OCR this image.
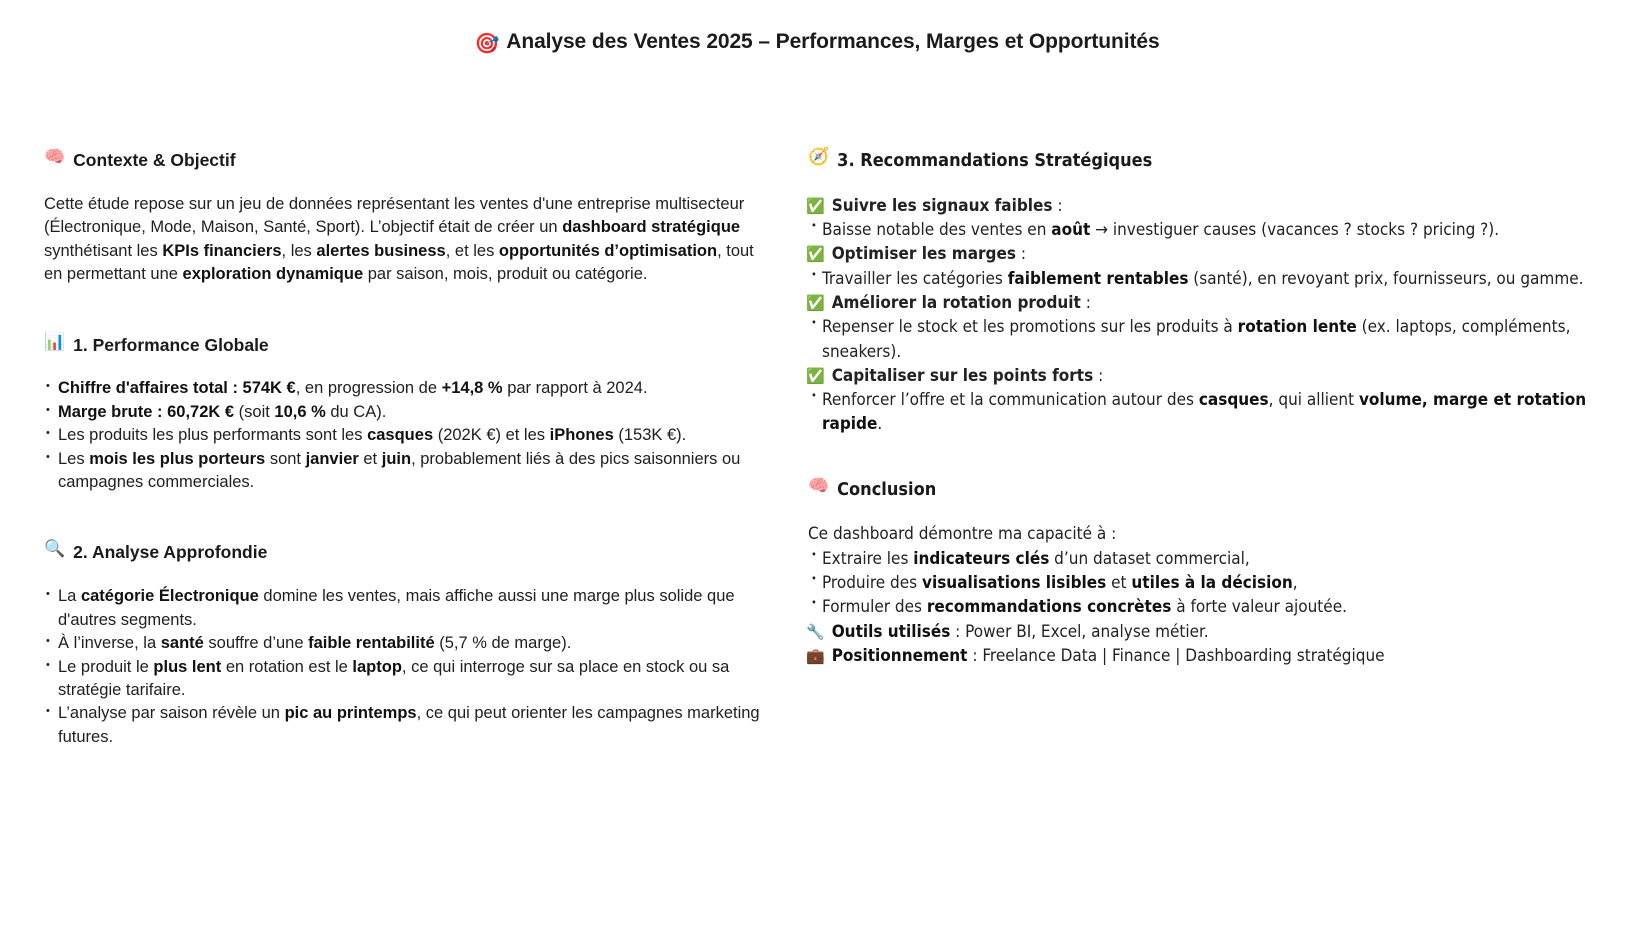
🎯 Analyse des Ventes 2025 – Performances, Marges et Opportunités
🧠 Contexte & Objectif
Cette étude repose sur un jeu de données représentant les ventes d'une entreprise multisecteur (Électronique, Mode, Maison, Santé, Sport). L’objectif était de créer un dashboard stratégique synthétisant les KPIs financiers, les alertes business, et les opportunités d’optimisation, tout en permettant une exploration dynamique par saison, mois, produit ou catégorie.
📊 1. Performance Globale
• Chiffre d'affaires total : 574K €, en progression de +14,8 % par rapport à 2024.
• Marge brute : 60,72K € (soit 10,6 % du CA).
• Les produits les plus performants sont les casques (202K €) et les iPhones (153K €).
• Les mois les plus porteurs sont janvier et juin, probablement liés à des pics saisonniers ou campagnes commerciales.
🔍 2. Analyse Approfondie
• La catégorie Électronique domine les ventes, mais affiche aussi une marge plus solide que d'autres segments.
• À l’inverse, la santé souffre d’une faible rentabilité (5,7 % de marge).
• Le produit le plus lent en rotation est le laptop, ce qui interroge sur sa place en stock ou sa stratégie tarifaire.
• L’analyse par saison révèle un pic au printemps, ce qui peut orienter les campagnes marketing futures.
🧭 3. Recommandations Stratégiques
✅ Suivre les signaux faibles :
• Baisse notable des ventes en août → investiguer causes (vacances ? stocks ? pricing ?).
✅ Optimiser les marges :
• Travailler les catégories faiblement rentables (santé), en revoyant prix, fournisseurs, ou gamme.
✅ Améliorer la rotation produit :
• Repenser le stock et les promotions sur les produits à rotation lente (ex. laptops, compléments, sneakers).
✅ Capitaliser sur les points forts :
• Renforcer l’offre et la communication autour des casques, qui allient volume, marge et rotation rapide.
🧠 Conclusion
Ce dashboard démontre ma capacité à :
• Extraire les indicateurs clés d’un dataset commercial,
• Produire des visualisations lisibles et utiles à la décision,
• Formuler des recommandations concrètes à forte valeur ajoutée.
🔧 Outils utilisés : Power BI, Excel, analyse métier.
💼 Positionnement : Freelance Data | Finance | Dashboarding stratégique
